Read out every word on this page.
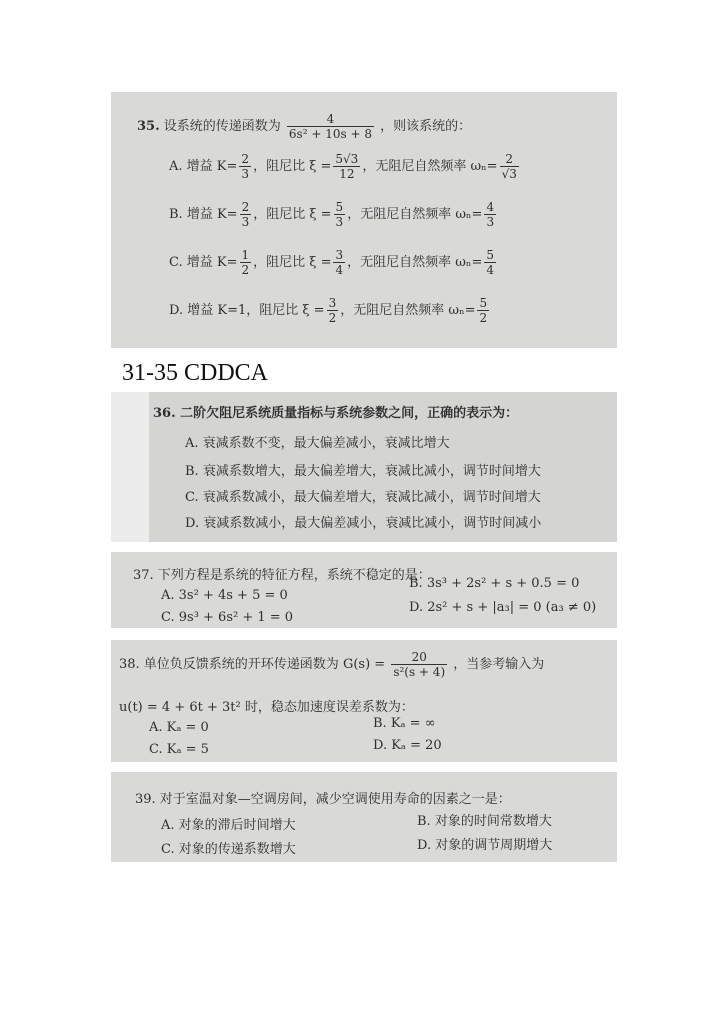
35. 设系统的传递函数为 $\frac{4}{\text{6s² + 10s + 8}}$ ，则该系统的：
A. 增益 $K= \frac{2}{3}$ ，阻尼比 $\xi = \frac{5√3}{12}$ ，无阻尼自然频率 $\omega_n= \frac{2}{√3}$
B. 增益 $K= \frac{2}{3}$ ，阻尼比 $\xi = \frac{5}{3}$ ，无阻尼自然频率 $\omega_n= \frac{4}{3}$
C. 增益 $K= \frac{1}{2}$ ，阻尼比 $\xi = \frac{3}{4}$ ，无阻尼自然频率 $\omega_n= \frac{5}{4}$
D. 增益 K=1，阻尼比 $\xi = \frac{3}{2}$ ，无阻尼自然频率 $\omega_n= \frac{5}{2}$
31-35 CDDCA
36. 二阶欠阻尼系统质量指标与系统参数之间，正确的表示为：
A. 衰减系数不变，最大偏差减小，衰减比增大
B. 衰减系数增大，最大偏差增大，衰减比减小，调节时间增大
C. 衰减系数减小，最大偏差增大，衰减比减小，调节时间增大
D. 衰减系数减小，最大偏差减小，衰减比减小，调节时间减小
37. 下列方程是系统的特征方程，系统不稳定的是：
A. 3s² + 4s + 5 = 0
B. 3s³ + 2s² + s + 0.5 = 0
C. 9s³ + 6s² + 1 = 0
D. 2s² + s + |a₃| = 0 (a₃ ≠ 0)
38. 单位负反馈系统的开环传递函数为 $G(s) = \frac{20}{\text{s²(s + 4)}}$ ，当参考输入为
u(t) = 4 + 6t + 3t² 时，稳态加速度误差系数为：
A. Kₐ = 0	B. Kₐ = ∞
C. Kₐ = 5	D. Kₐ = 20
39. 对于室温对象—空调房间，减少空调使用寿命的因素之一是：
A. 对象的滞后时间增大	B. 对象的时间常数增大
C. 对象的传递系数增大	D. 对象的调节周期增大
